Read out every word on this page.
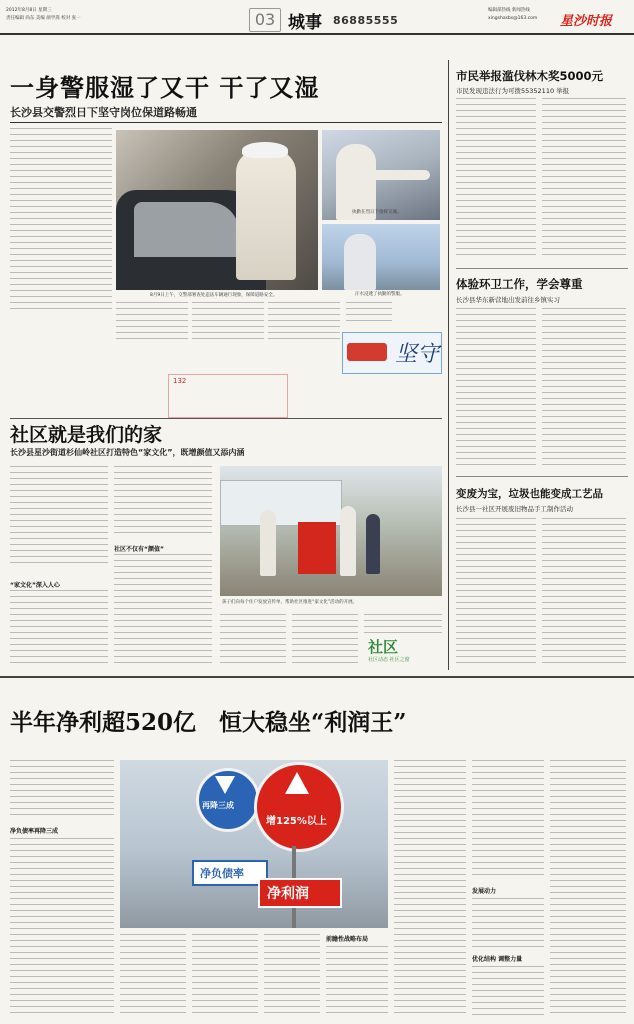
2012年8月8日 星期三
责任编辑 尚东 美编 颜学嵩 校对 张一	03 城事 86885555
编辑部热线 新闻热线
xingshasbs@163.com	星沙时报
一身警服湿了又干 干了又湿
长沙县交警烈日下坚守岗位保道路畅通
8月9日上午，交警部署查处违法车辆通行现象，保障道路安全。
执勤在烈日下指挥交通。
汗水浸透了执勤的警服。
坚守
132
市民举报滥伐林木奖5000元
市民发现违法行为可拨55352110 举报
体验环卫工作，学会尊重
长沙县华东新营地出发前往乡镇实习
社区就是我们的家
长沙县星沙街道杉仙岭社区打造特色“家文化”，既增颜值又添内涵
“家文化”深入人心
社区不仅有“颜值”
孩子们向每个住户发放宣传单，帮助社区推进“家文化”活动的开展。
社区
社区动态 社区之窗
变废为宝，垃圾也能变成工艺品
长沙县一社区开展废旧物品手工制作活动
半年净利超520亿　恒大稳坐“利润王”
净负债率再降三成
再降三成
增125%以上
净负债率
净利润
前瞻性战略布局
发展动力
优化结构 调整力量
